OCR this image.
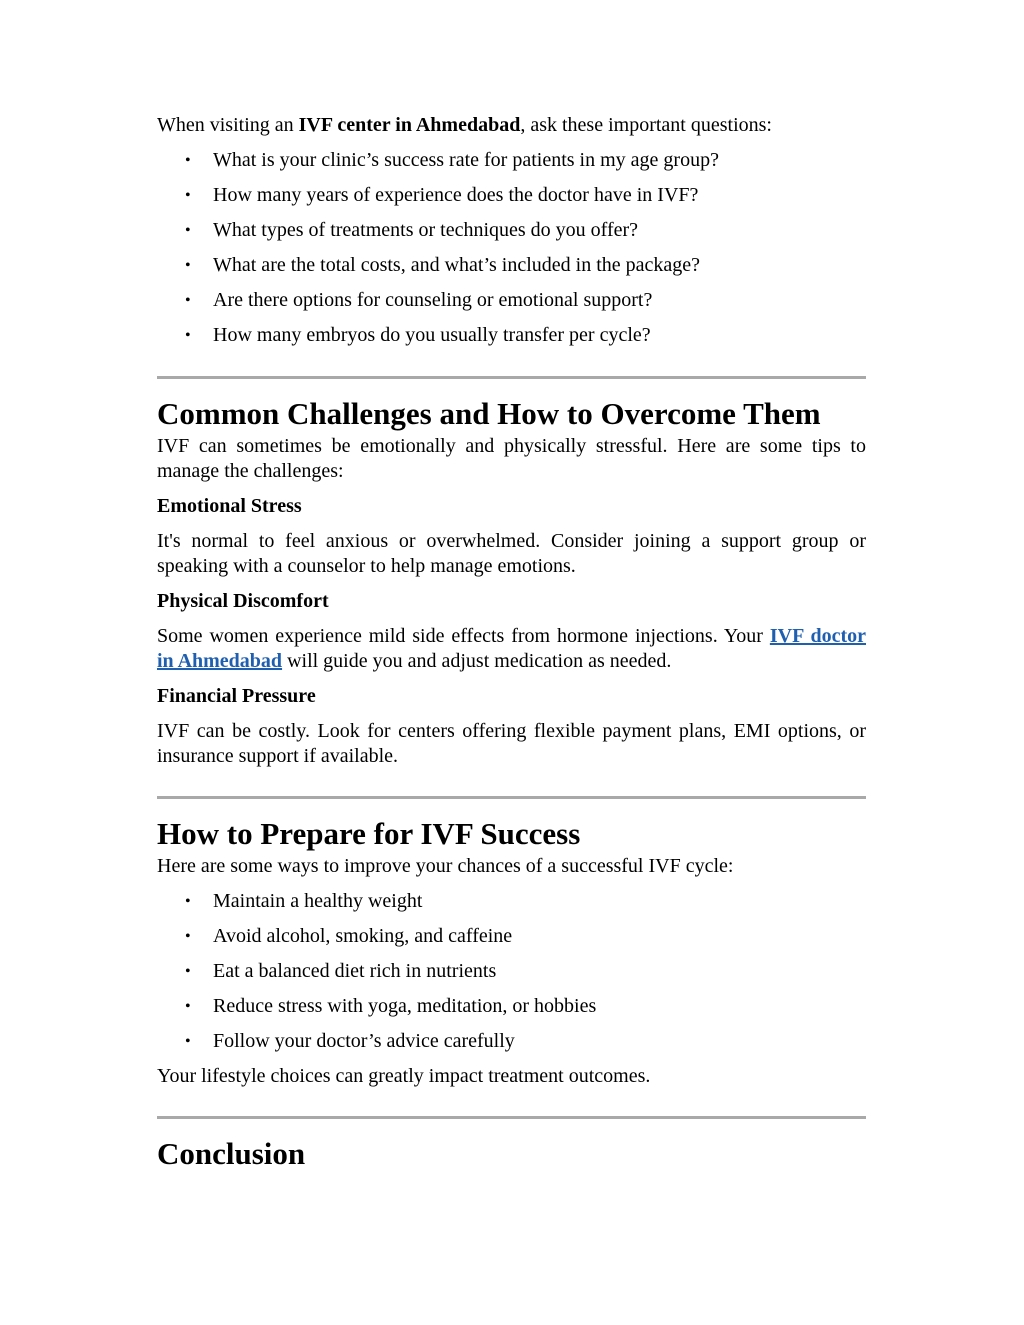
When visiting an IVF center in Ahmedabad, ask these important questions:

• What is your clinic’s success rate for patients in my age group?
• How many years of experience does the doctor have in IVF?
• What types of treatments or techniques do you offer?
• What are the total costs, and what’s included in the package?
• Are there options for counseling or emotional support?
• How many embryos do you usually transfer per cycle?
Common Challenges and How to Overcome Them

IVF can sometimes be emotionally and physically stressful. Here are some tips to manage the challenges:

Emotional Stress

It's normal to feel anxious or overwhelmed. Consider joining a support group or speaking with a counselor to help manage emotions.

Physical Discomfort

Some women experience mild side effects from hormone injections. Your IVF doctor in Ahmedabad will guide you and adjust medication as needed.

Financial Pressure

IVF can be costly. Look for centers offering flexible payment plans, EMI options, or insurance support if available.

How to Prepare for IVF Success

Here are some ways to improve your chances of a successful IVF cycle:

• Maintain a healthy weight
• Avoid alcohol, smoking, and caffeine
• Eat a balanced diet rich in nutrients
• Reduce stress with yoga, meditation, or hobbies
• Follow your doctor’s advice carefully

Your lifestyle choices can greatly impact treatment outcomes.

Conclusion
